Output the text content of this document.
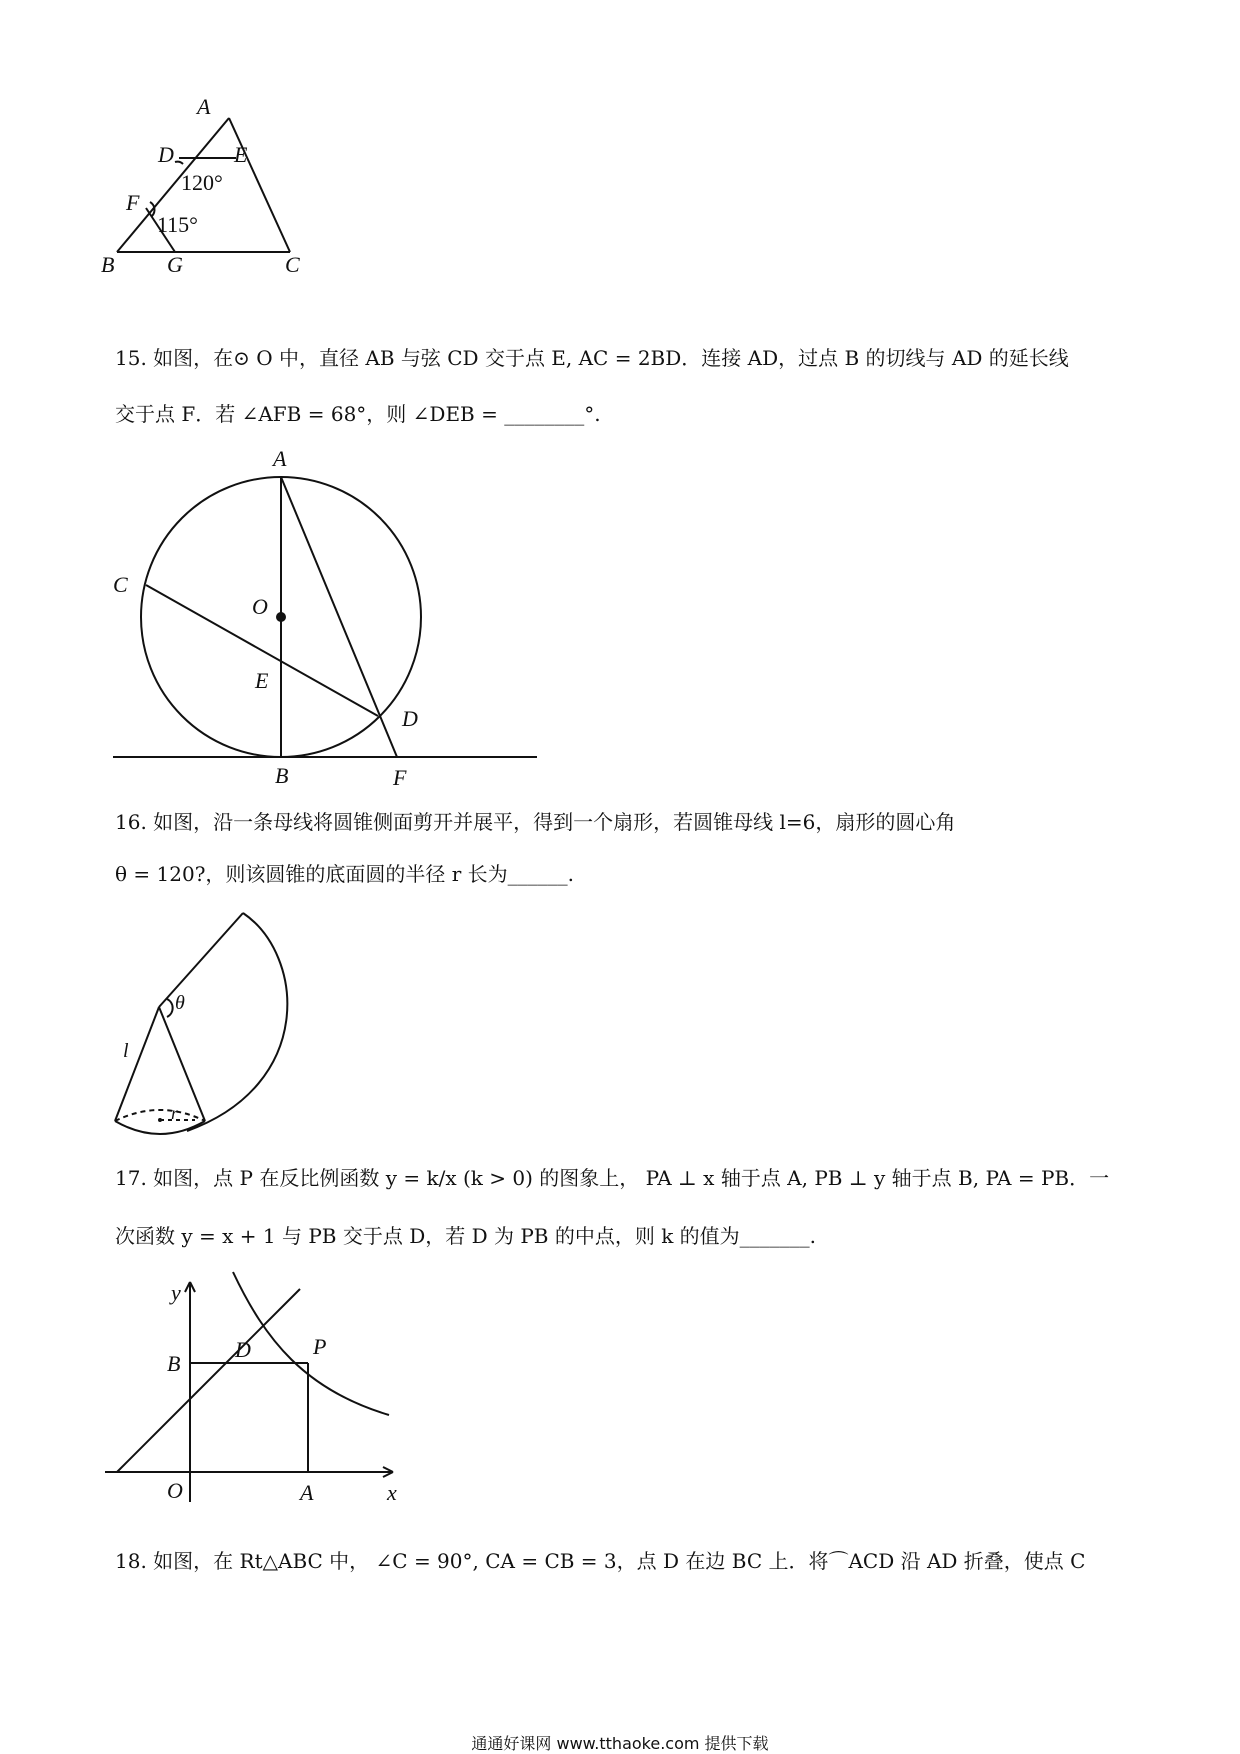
A
D	E
F
B G	C
120°
115°
15. 如图，在⊙ O 中，直径 AB 与弦 CD 交于点 E, AC = 2BD．连接 AD，过点 B 的切线与 AD 的延长线
交于点 F．若 ∠AFB = 68°，则 ∠DEB = ________°.
A
C
O
E
D
B	F
16. 如图，沿一条母线将圆锥侧面剪开并展平，得到一个扇形，若圆锥母线 l=6，扇形的圆心角
θ = 120?，则该圆锥的底面圆的半径 r 长为______.
θ
l
r
17. 如图，点 P 在反比例函数 y = k/x (k > 0) 的图象上， PA ⊥ x 轴于点 A, PB ⊥ y 轴于点 B, PA = PB．一
次函数 y = x + 1 与 PB 交于点 D，若 D 为 PB 的中点，则 k 的值为_______.
y
x
B
D	P
O	A
18. 如图，在 Rt△ABC 中， ∠C = 90°, CA = CB = 3，点 D 在边 BC 上．将⌒ACD 沿 AD 折叠，使点 C
通通好课网 www.tthaoke.com 提供下载
